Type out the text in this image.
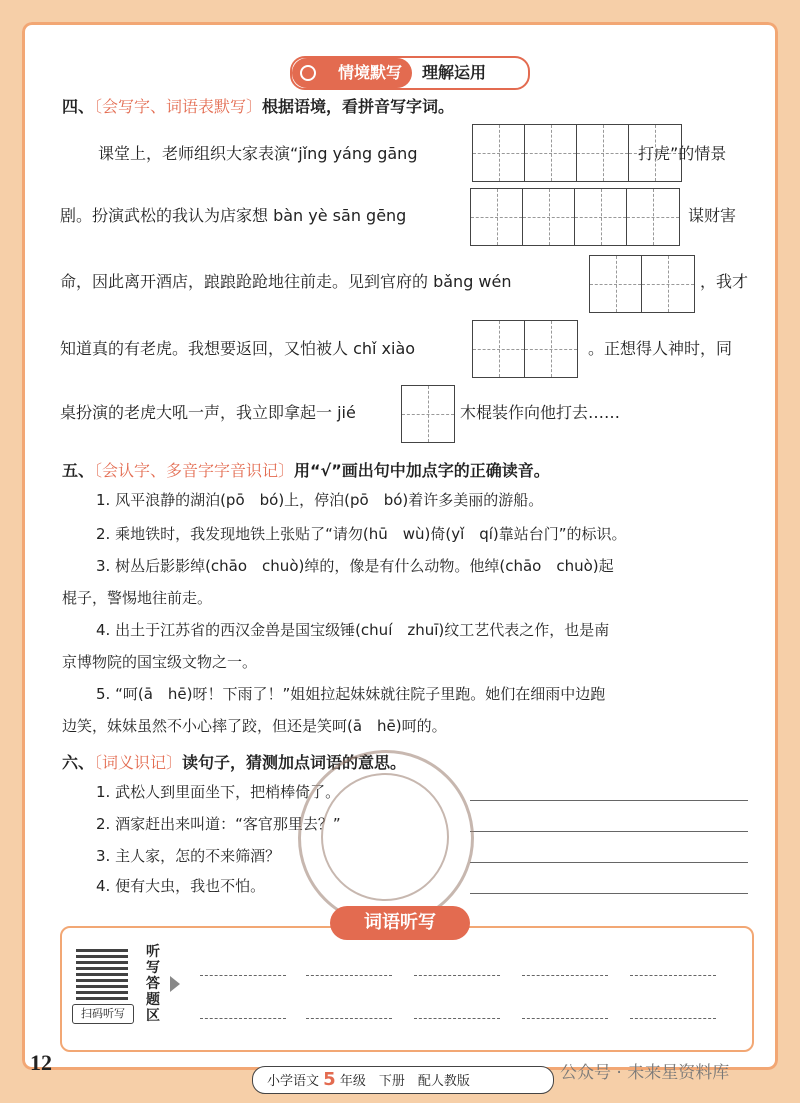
情境默写	理解运用
四、〔会写字、词语表默写〕根据语境，看拼音写字词。
课堂上，老师组织大家表演“jǐng yáng gāng	打虎”的情景
剧。扮演武松的我认为店家想 bàn yè sān gēng	谋财害
命，因此离开酒店，踉踉跄跄地往前走。见到官府的 bǎng wén	，我才
知道真的有老虎。我想要返回，又怕被人 chǐ xiào	。正想得人神时，同
桌扮演的老虎大吼一声，我立即拿起一 jié	木棍装作向他打去……
五、〔会认字、多音字字音识记〕用“√”画出句中加点字的正确读音。
1. 风平浪静的湖泊(pō　bó)上，停泊(pō　bó)着许多美丽的游船。
2. 乘地铁时，我发现地铁上张贴了“请勿(hū　wù)倚(yǐ　qí)靠站台门”的标识。
3. 树丛后影影绰(chāo　chuò)绰的，像是有什么动物。他绰(chāo　chuò)起
棍子，警惕地往前走。
4. 出土于江苏省的西汉金兽是国宝级锤(chuí　zhuī)纹工艺代表之作，也是南
京博物院的国宝级文物之一。
5. “呵(ā　hē)呀！下雨了！”姐姐拉起妹妹就往院子里跑。她们在细雨中边跑
边笑，妹妹虽然不小心摔了跤，但还是笑呵(ā　hē)呵的。
六、〔词义识记〕读句子，猜测加点词语的意思。
1. 武松人到里面坐下，把梢棒倚了。
2. 酒家赶出来叫道：“客官那里去？”
3. 主人家，怎的不来筛酒？
4. 便有大虫，我也不怕。
词语听写
扫码听写
听写答题区
12
小学语文 5 年级　下册　配人教版	公众号 · 未来星资料库
